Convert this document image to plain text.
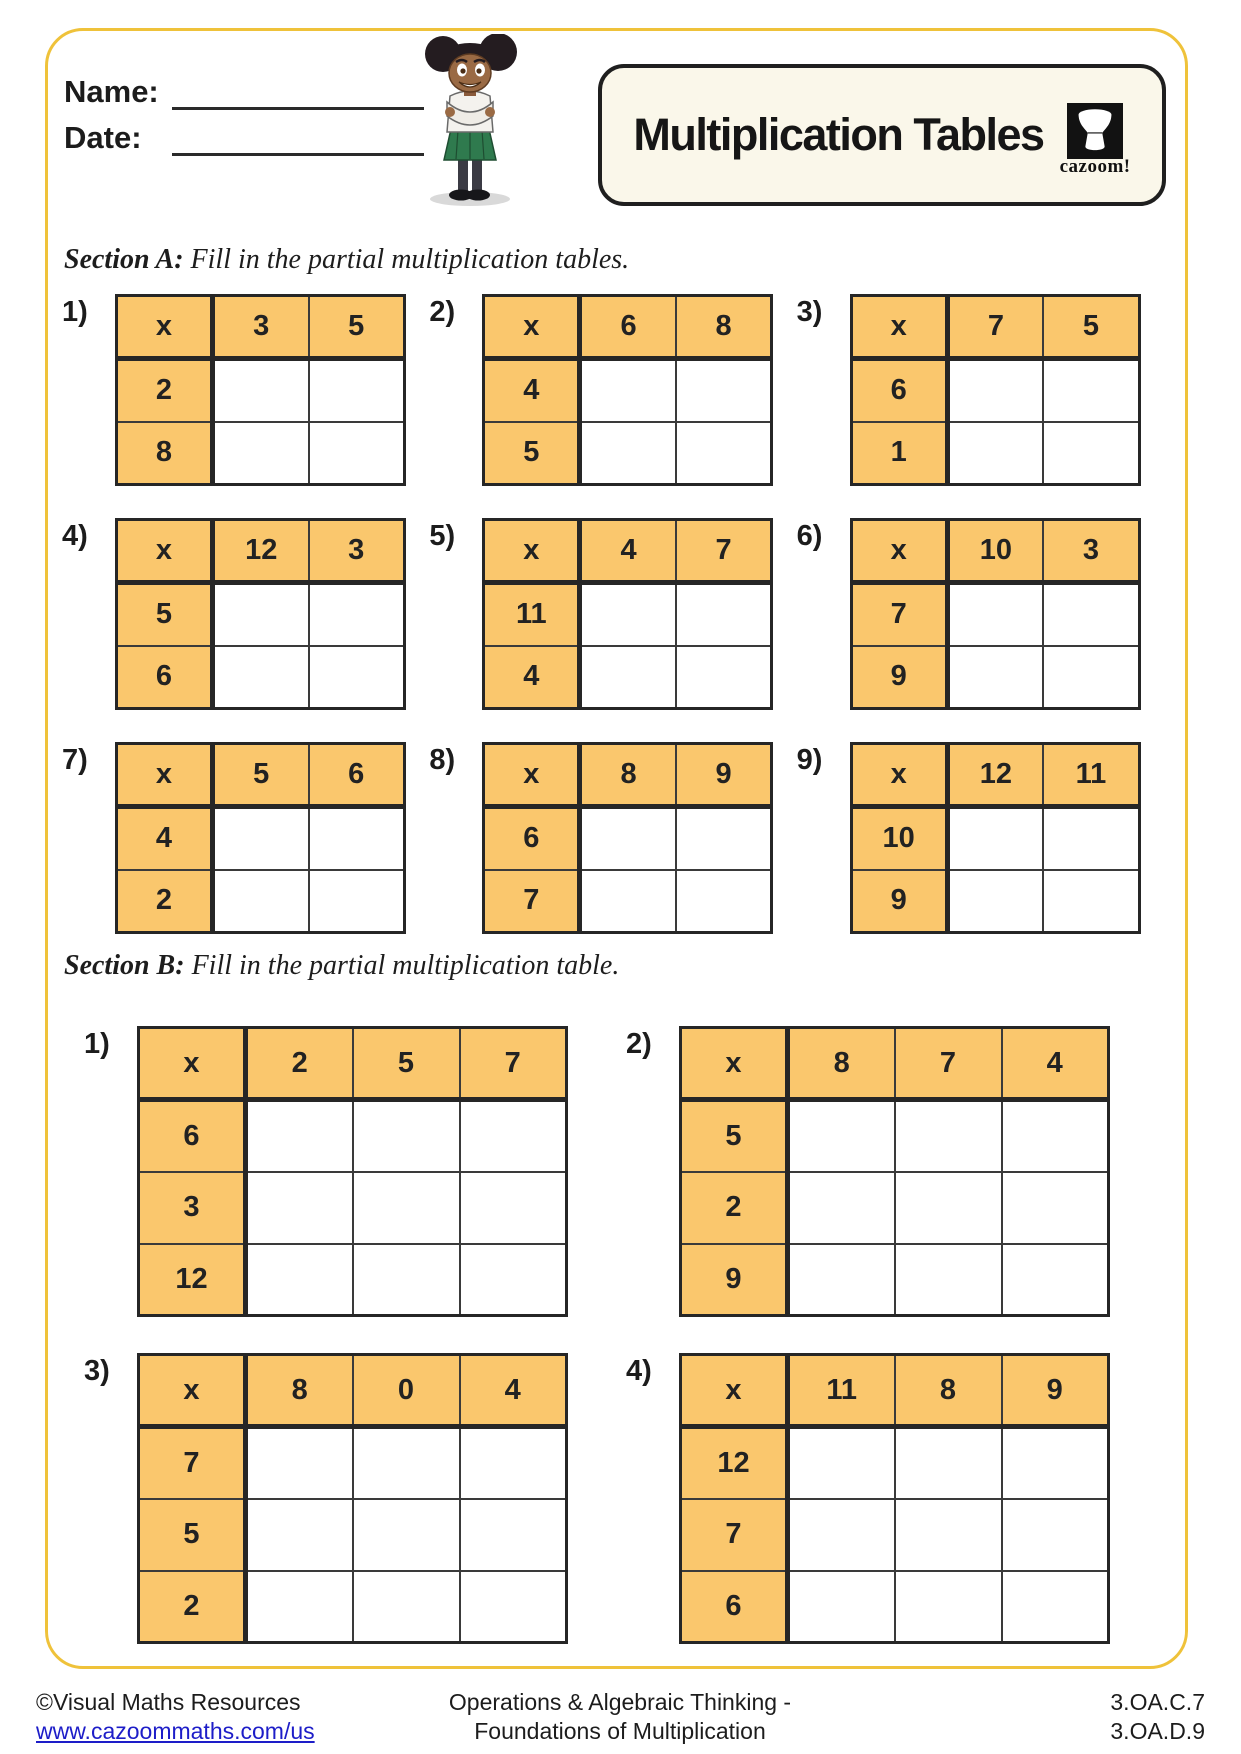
Name:
Date:	Multiplication Tables
cazoom!
Section A: Fill in the partial multiplication tables.
1)	x	3	5
2		
8		
2)	x	6	8
4		
5		
3)	x	7	5
6		
1		
4)	x	12	3
5		
6		
5)	x	4	7
11		
4		
6)	x	10	3
7		
9		
7)	x	5	6
4		
2		
8)	x	8	9
6		
7		
9)	x	12	11
10		
9		
Section B: Fill in the partial multiplication table.
1)
x	2	5	7
6			
3			
12			
2)
x	8	7	4
5			
2			
9			
3)
x	8	0	4
7			
5			
2			
4)
x	11	8	9
12			
7			
6			
©Visual Maths Resources
www.cazoommaths.com/us
Operations & Algebraic Thinking -
Foundations of Multiplication
3.OA.C.7
3.OA.D.9
